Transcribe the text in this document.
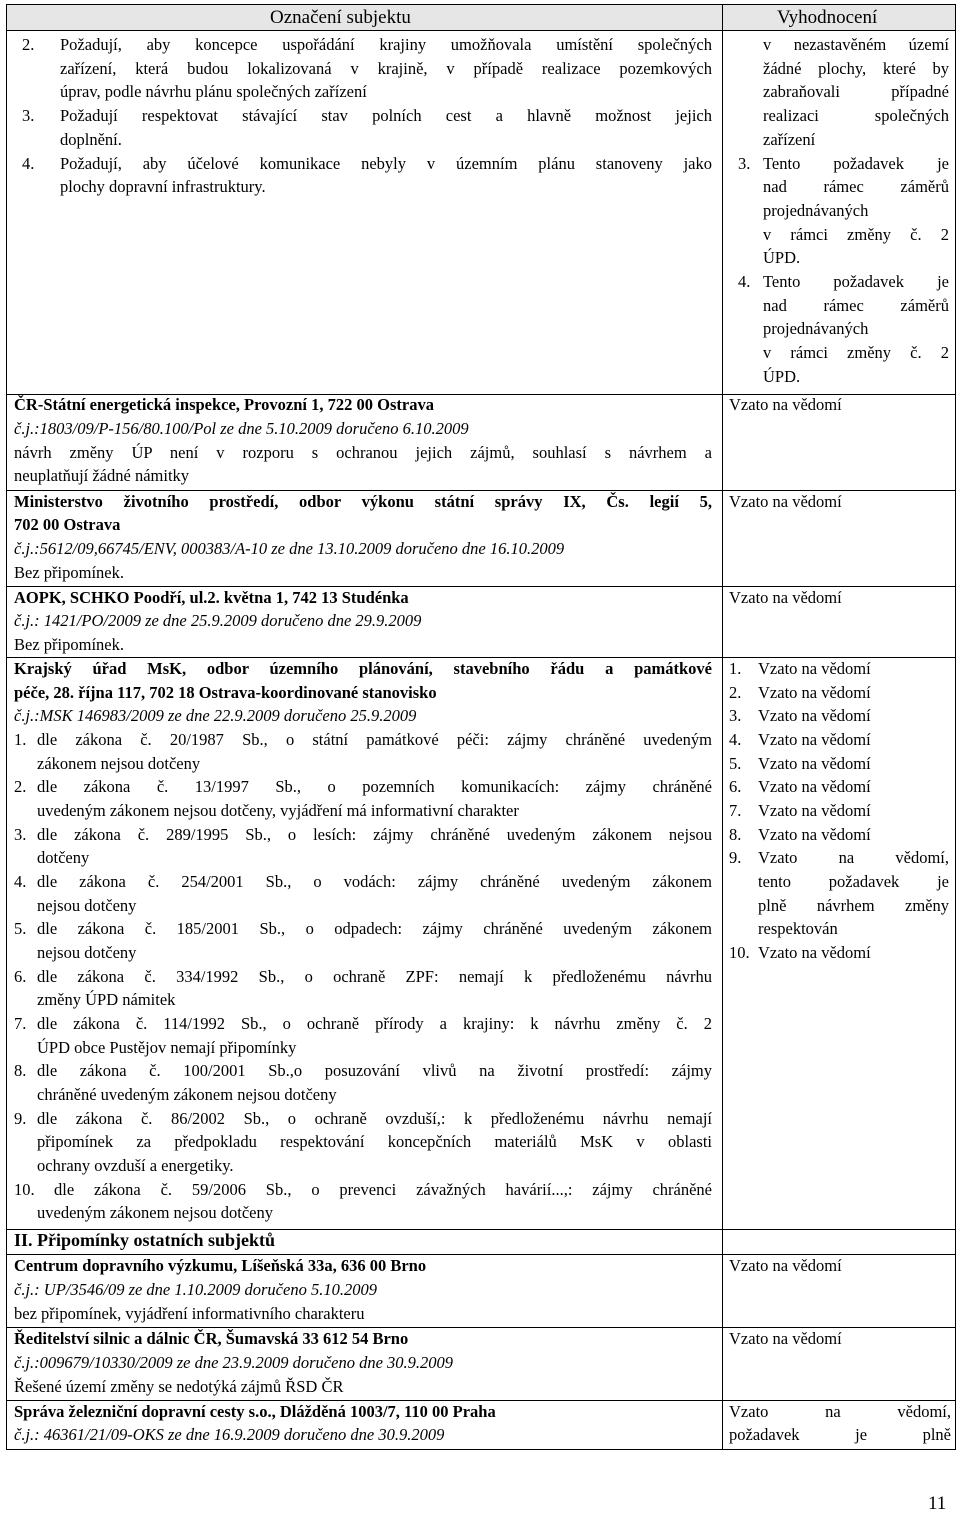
Označení subjektu	Vyhodnocení
2. Požadují, aby koncepce uspořádání krajiny umožňovala umístění společných
zařízení, která budou lokalizovaná v krajině, v případě realizace pozemkových
úprav, podle návrhu plánu společných zařízení
3. Požadují respektovat stávající stav polních cest a hlavně možnost jejich
doplnění.
4. Požadují, aby účelové komunikace nebyly v územním plánu stanoveny jako
plochy dopravní infrastruktury.
v nezastavěném území
žádné plochy, které by
zabraňovali případné
realizaci společných
zařízení
3. Tento požadavek je
nad rámec záměrů
projednávaných
v rámci změny č. 2
ÚPD.
4. Tento požadavek je
nad rámec záměrů
projednávaných
v rámci změny č. 2
ÚPD.
ČR-Státní energetická inspekce, Provozní 1, 722 00 Ostrava
č.j.:1803/09/P-156/80.100/Pol ze dne 5.10.2009 doručeno 6.10.2009
návrh změny ÚP není v rozporu s ochranou jejich zájmů, souhlasí s návrhem a
neuplatňují žádné námitky
Vzato na vědomí
Ministerstvo životního prostředí, odbor výkonu státní správy IX, Čs. legií 5,
702 00 Ostrava
č.j.:5612/09,66745/ENV, 000383/A-10 ze dne 13.10.2009 doručeno dne 16.10.2009
Bez připomínek.
Vzato na vědomí
AOPK, SCHKO Poodří, ul.2. května 1, 742 13 Studénka
č.j.: 1421/PO/2009 ze dne 25.9.2009 doručeno dne 29.9.2009
Bez připomínek.
Vzato na vědomí
Krajský úřad MsK, odbor územního plánování, stavebního řádu a památkové
péče, 28. října 117, 702 18 Ostrava-koordinované stanovisko
č.j.:MSK 146983/2009 ze dne 22.9.2009 doručeno 25.9.2009
1. dle zákona č. 20/1987 Sb., o státní památkové péči: zájmy chráněné uvedeným
zákonem nejsou dotčeny
2. dle zákona č. 13/1997 Sb., o pozemních komunikacích: zájmy chráněné
uvedeným zákonem nejsou dotčeny, vyjádření má informativní charakter
3. dle zákona č. 289/1995 Sb., o lesích: zájmy chráněné uvedeným zákonem nejsou
dotčeny
4. dle zákona č. 254/2001 Sb., o vodách: zájmy chráněné uvedeným zákonem
nejsou dotčeny
5. dle zákona č. 185/2001 Sb., o odpadech: zájmy chráněné uvedeným zákonem
nejsou dotčeny
6. dle zákona č. 334/1992 Sb., o ochraně ZPF: nemají k předloženému návrhu
změny ÚPD námitek
7. dle zákona č. 114/1992 Sb., o ochraně přírody a krajiny: k návrhu změny č. 2
ÚPD obce Pustějov nemají připomínky
8. dle zákona č. 100/2001 Sb.,o posuzování vlivů na životní prostředí: zájmy
chráněné uvedeným zákonem nejsou dotčeny
9. dle zákona č. 86/2002 Sb., o ochraně ovzduší,: k předloženému návrhu nemají
připomínek za předpokladu respektování koncepčních materiálů MsK v oblasti
ochrany ovzduší a energetiky.
10. dle zákona č. 59/2006 Sb., o prevenci závažných havárií...,: zájmy chráněné
uvedeným zákonem nejsou dotčeny
1. Vzato na vědomí
2. Vzato na vědomí
3. Vzato na vědomí
4. Vzato na vědomí
5. Vzato na vědomí
6. Vzato na vědomí
7. Vzato na vědomí
8. Vzato na vědomí
9. Vzato na vědomí,
tento požadavek je
plně návrhem změny
respektován
10. Vzato na vědomí
II. Připomínky ostatních subjektů
Centrum dopravního výzkumu, Líšeňská 33a, 636 00 Brno
č.j.: UP/3546/09 ze dne 1.10.2009 doručeno 5.10.2009
bez připomínek, vyjádření informativního charakteru
Vzato na vědomí
Ředitelství silnic a dálnic ČR, Šumavská 33 612 54 Brno
č.j.:009679/10330/2009 ze dne 23.9.2009 doručeno dne 30.9.2009
Řešené území změny se nedotýká zájmů ŘSD ČR
Vzato na vědomí
Správa železniční dopravní cesty s.o., Dlážděná 1003/7, 110 00 Praha
č.j.: 46361/21/09-OKS ze dne 16.9.2009 doručeno dne 30.9.2009
Vzato na vědomí,
požadavek je plně
11
